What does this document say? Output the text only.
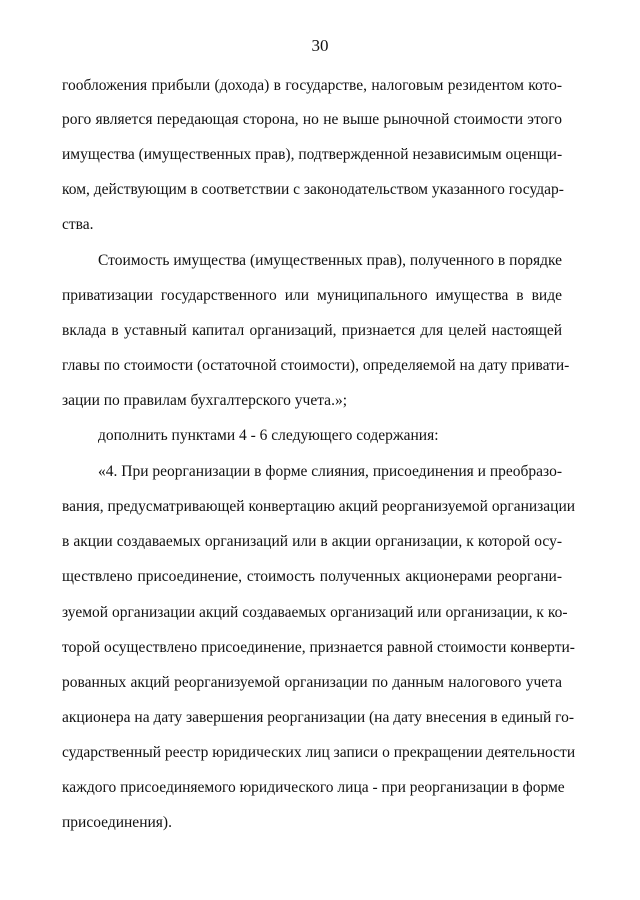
30

гообложения прибыли (дохода) в государстве, налоговым резидентом кото-

рого является передающая сторона, но не выше рыночной стоимости этого

имущества (имущественных прав), подтвержденной независимым оценщи-

ком, действующим в соответствии с законодательством указанного государ-

ства.

Стоимость имущества (имущественных прав), полученного в порядке

приватизации государственного или муниципального имущества в виде

вклада в уставный капитал организаций, признается для целей настоящей

главы по стоимости (остаточной стоимости), определяемой на дату привати-

зации по правилам бухгалтерского учета.»;

дополнить пунктами 4 - 6 следующего содержания:

«4. При реорганизации в форме слияния, присоединения и преобразо-

вания, предусматривающей конвертацию акций реорганизуемой организации

в акции создаваемых организаций или в акции организации, к которой осу-

ществлено присоединение, стоимость полученных акционерами реоргани-

зуемой организации акций создаваемых организаций или организации, к ко-

торой осуществлено присоединение, признается равной стоимости конверти-

рованных акций реорганизуемой организации по данным налогового учета

акционера на дату завершения реорганизации (на дату внесения в единый го-

сударственный реестр юридических лиц записи о прекращении деятельности

каждого присоединяемого юридического лица - при реорганизации в форме

присоединения).
